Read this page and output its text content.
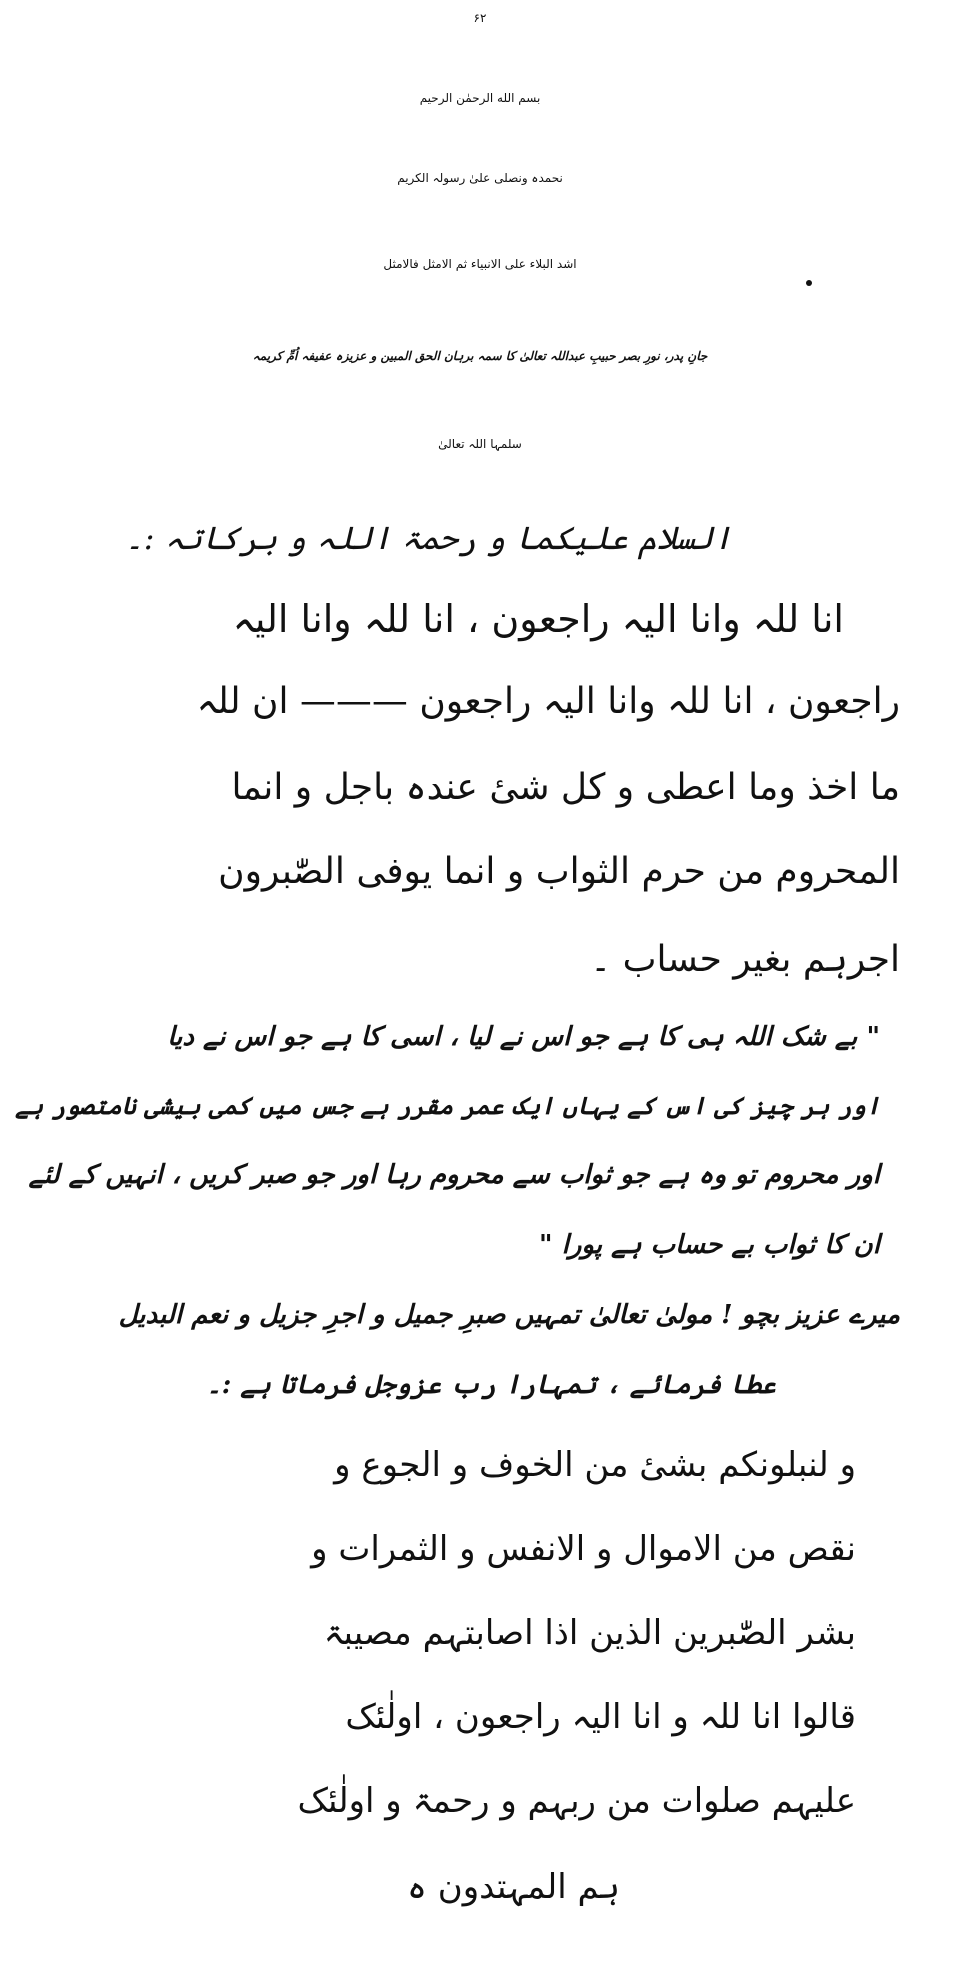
۶۲
بسم الله الرحمٰن الرحیم
نحمدہ ونصلی علیٰ رسولہ الکریم
اشد البلاء علی الانبیاء ثم الامثل فالامثل
جانِ پدر، نورِ بصر حبیبِ عبداللہ تعالیٰ کا سمہ برہان الحق المبین و عزیزہ عفیفہ اُمِّ کریمہ
سلمہا اللہ تعالیٰ
السلام علیکما و رحمۃ اللہ و برکاتہ :۔
انا للہ وانا الیہ راجعون ، انا للہ وانا الیہ
راجعون ، انا للہ وانا الیہ راجعون ——— ان للہ
ما اخذ وما اعطی و کل شیٔ عندہ باجل و انما
المحروم من حرم الثواب و انما یوفی الصّٰبرون
اجرہم بغیر حساب ۔
" بے شک اللہ ہی کا ہے جو اس نے لیا ، اسی کا ہے جو اس نے دیا
اور ہر چیز کی اس کے یہاں ایک عمر مقرر ہے جس میں کمی بیشی نامتصور ہے
اور محروم تو وہ ہے جو ثواب سے محروم رہا اور جو صبر کریں ، انہیں کے لئے
ان کا ثواب بے حساب ہے پورا "
میرے عزیز بچو ! مولیٰ تعالیٰ تمہیں صبرِ جمیل و اجرِ جزیل و نعم البدیل
عطا فرمائے ، تمہارا رب عزوجل فرماتا ہے :۔
و لنبلونکم بشیٔ من الخوف و الجوع و
نقص من الاموال و الانفس و الثمرات و
بشر الصّٰبرین الذین اذا اصابتہم مصیبۃ
قالوا انا للہ و انا الیہ راجعون ، اولٰئک
علیہم صلوات من ربہم و رحمۃ و اولٰئک
ہم المہتدون ہ
